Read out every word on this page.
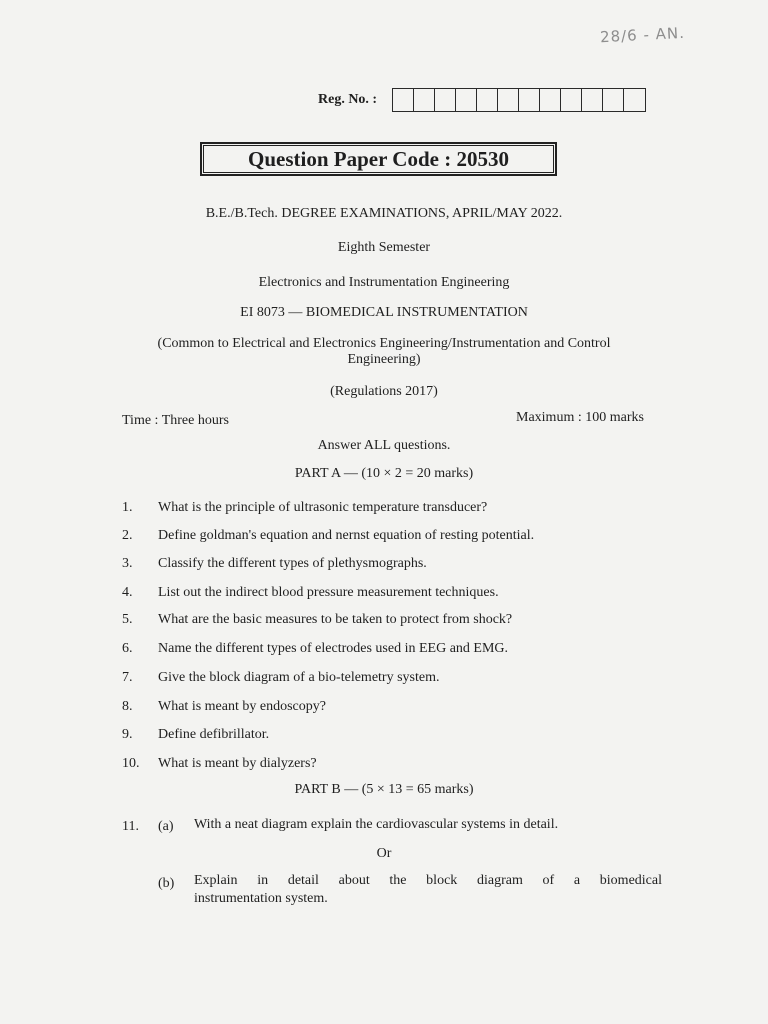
28/6 - AN.
Reg. No. :
Question Paper Code : 20530
B.E./B.Tech. DEGREE EXAMINATIONS, APRIL/MAY 2022.
Eighth Semester
Electronics and Instrumentation Engineering
EI 8073 — BIOMEDICAL INSTRUMENTATION
(Common to Electrical and Electronics Engineering/Instrumentation and Control
Engineering)
(Regulations 2017)
Time : Three hours	Maximum : 100 marks
Answer ALL questions.
PART A — (10 × 2 = 20 marks)
1.	What is the principle of ultrasonic temperature transducer?
2.	Define goldman's equation and nernst equation of resting potential.
3.	Classify the different types of plethysmographs.
4.	List out the indirect blood pressure measurement techniques.
5.	What are the basic measures to be taken to protect from shock?
6.	Name the different types of electrodes used in EEG and EMG.
7.	Give the block diagram of a bio-telemetry system.
8.	What is meant by endoscopy?
9.	Define defibrillator.
10.	What is meant by dialyzers?
PART B — (5 × 13 = 65 marks)
11. (a) With a neat diagram explain the cardiovascular systems in detail.
Or
(b) Explain in detail about the block diagram of a biomedical
instrumentation system.
